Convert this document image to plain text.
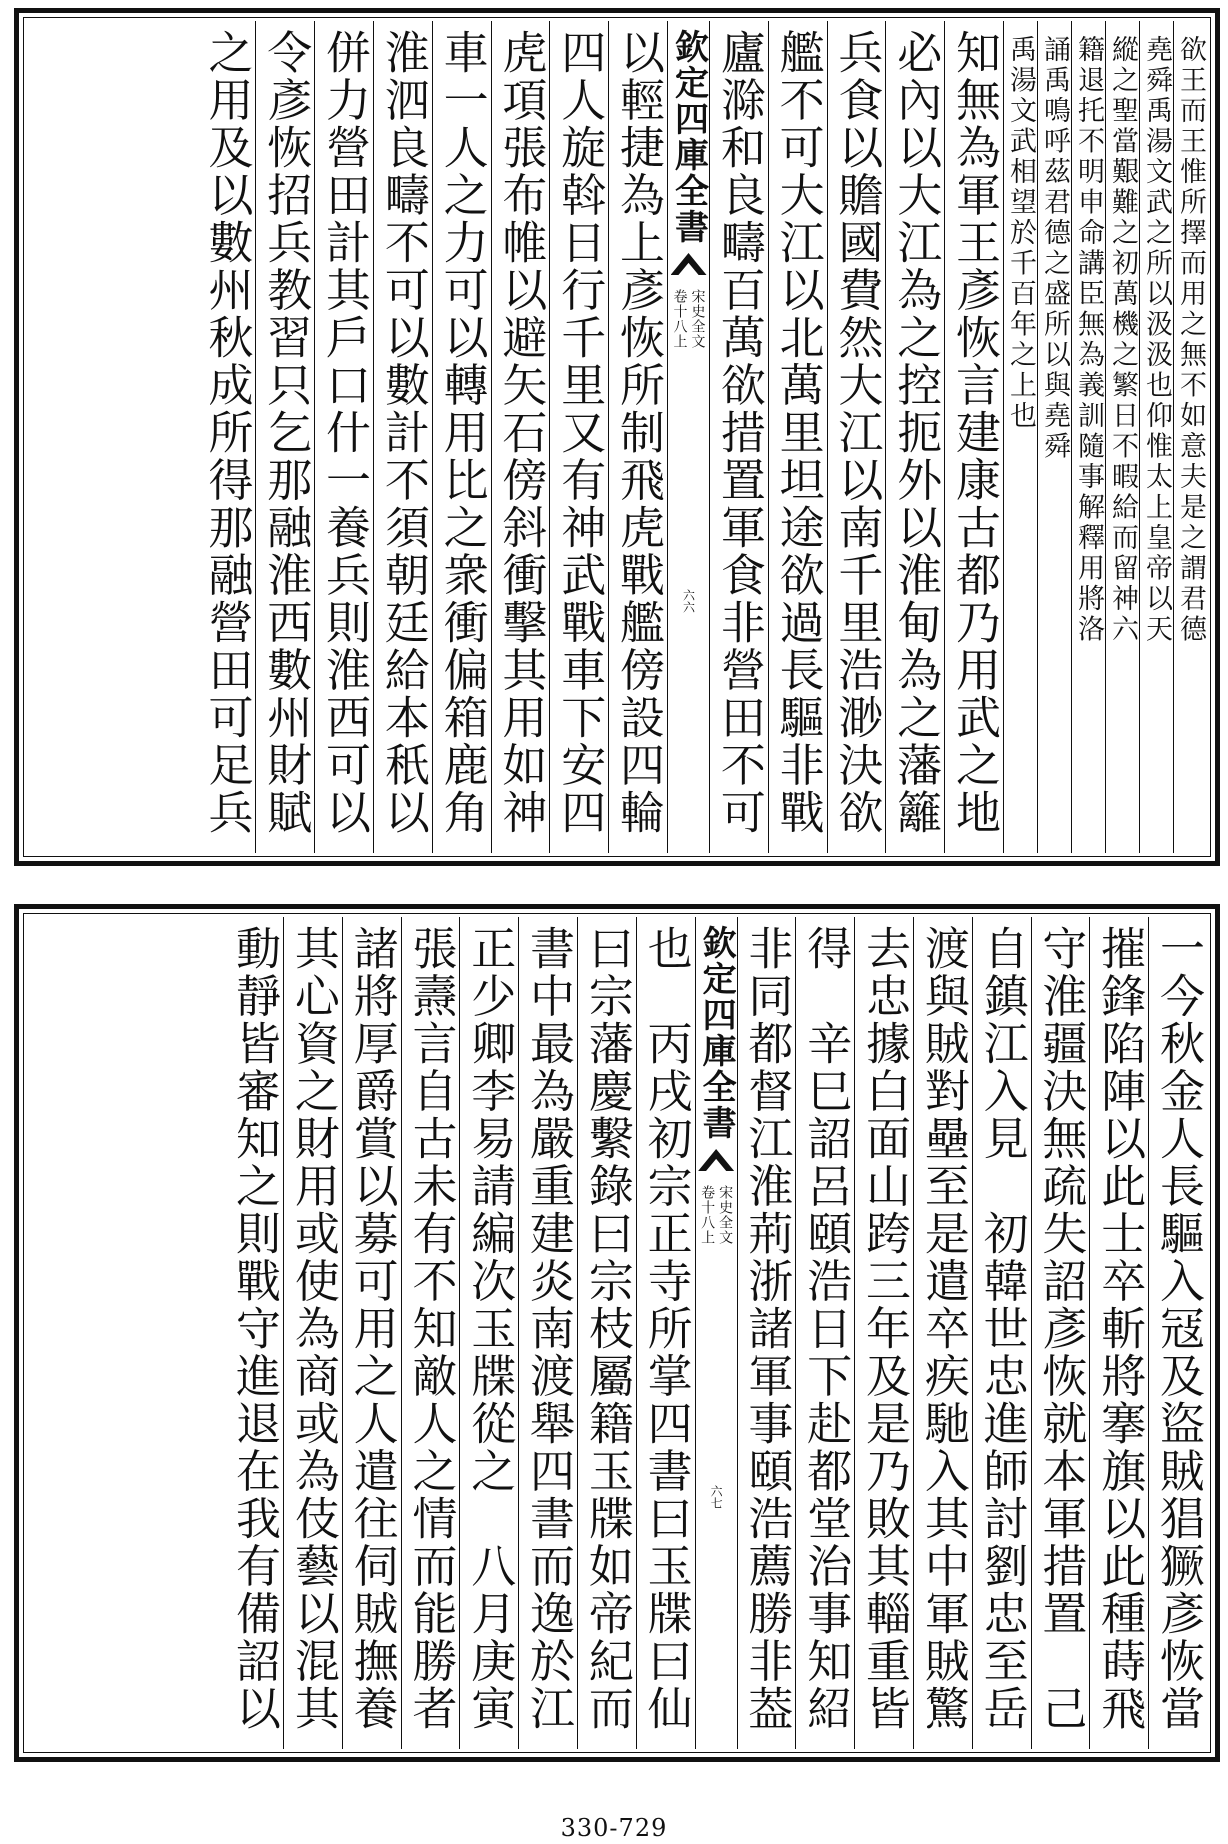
欲王而王惟所擇而用之無不如意夫是之謂君德
堯舜禹湯文武之所以汲汲也仰惟太上皇帝以天
縱之聖當艱難之初萬機之繁日不暇給而留神六
籍退托不明申命講臣無為義訓隨事解釋用將洛
誦禹鳴呼茲君德之盛所以與堯舜
禹湯文武相望於千百年之上也
知無為軍王彥恢言建康古都乃用武之地
必內以大江為之控扼外以淮甸為之藩籬
兵食以贍國費然大江以南千里浩渺決欲
艦不可大江以北萬里坦途欲過長驅非戰
廬滁和良疇百萬欲措置軍食非營田不可
欽定四庫全書
宋史全文
卷十八上
六六
以輕捷為上彥恢所制飛虎戰艦傍設四輪
四人旋斡日行千里又有神武戰車下安四
虎項張布帷以避矢石傍斜衝擊其用如神
車一人之力可以轉用比之衆衝偏箱鹿角
淮泗良疇不可以數計不須朝廷給本秖以
併力營田計其戶口什一養兵則淮西可以
令彥恢招兵教習只乞那融淮西數州財賦
之用及以數州秋成所得那融營田可足兵
一今秋金人長驅入冦及盜賊猖獗彥恢當
摧鋒陷陣以此士卒斬將搴旗以此種蒔飛
守淮疆決無疏失詔彥恢就本軍措置　己
自鎮江入見　初韓世忠進師討劉忠至岳
渡與賊對壘至是遣卒疾馳入其中軍賊驚
去忠據白面山跨三年及是乃敗其輜重皆
得　辛巳詔呂頤浩日下赴都堂治事知紹
非同都督江淮荊浙諸軍事頤浩薦勝非葢
欽定四庫全書
宋史全文
卷十八上
六七
也　丙戌初宗正寺所掌四書曰玉牒曰仙
曰宗藩慶繫錄曰宗枝屬籍玉牒如帝紀而
書中最為嚴重建炎南渡舉四書而逸於江
正少卿李易請編次玉牒從之　八月庚寅
張燾言自古未有不知敵人之情而能勝者
諸將厚爵賞以募可用之人遣往伺賊撫養
其心資之財用或使為商或為伎藝以混其
動靜皆審知之則戰守進退在我有備詔以
330-729
